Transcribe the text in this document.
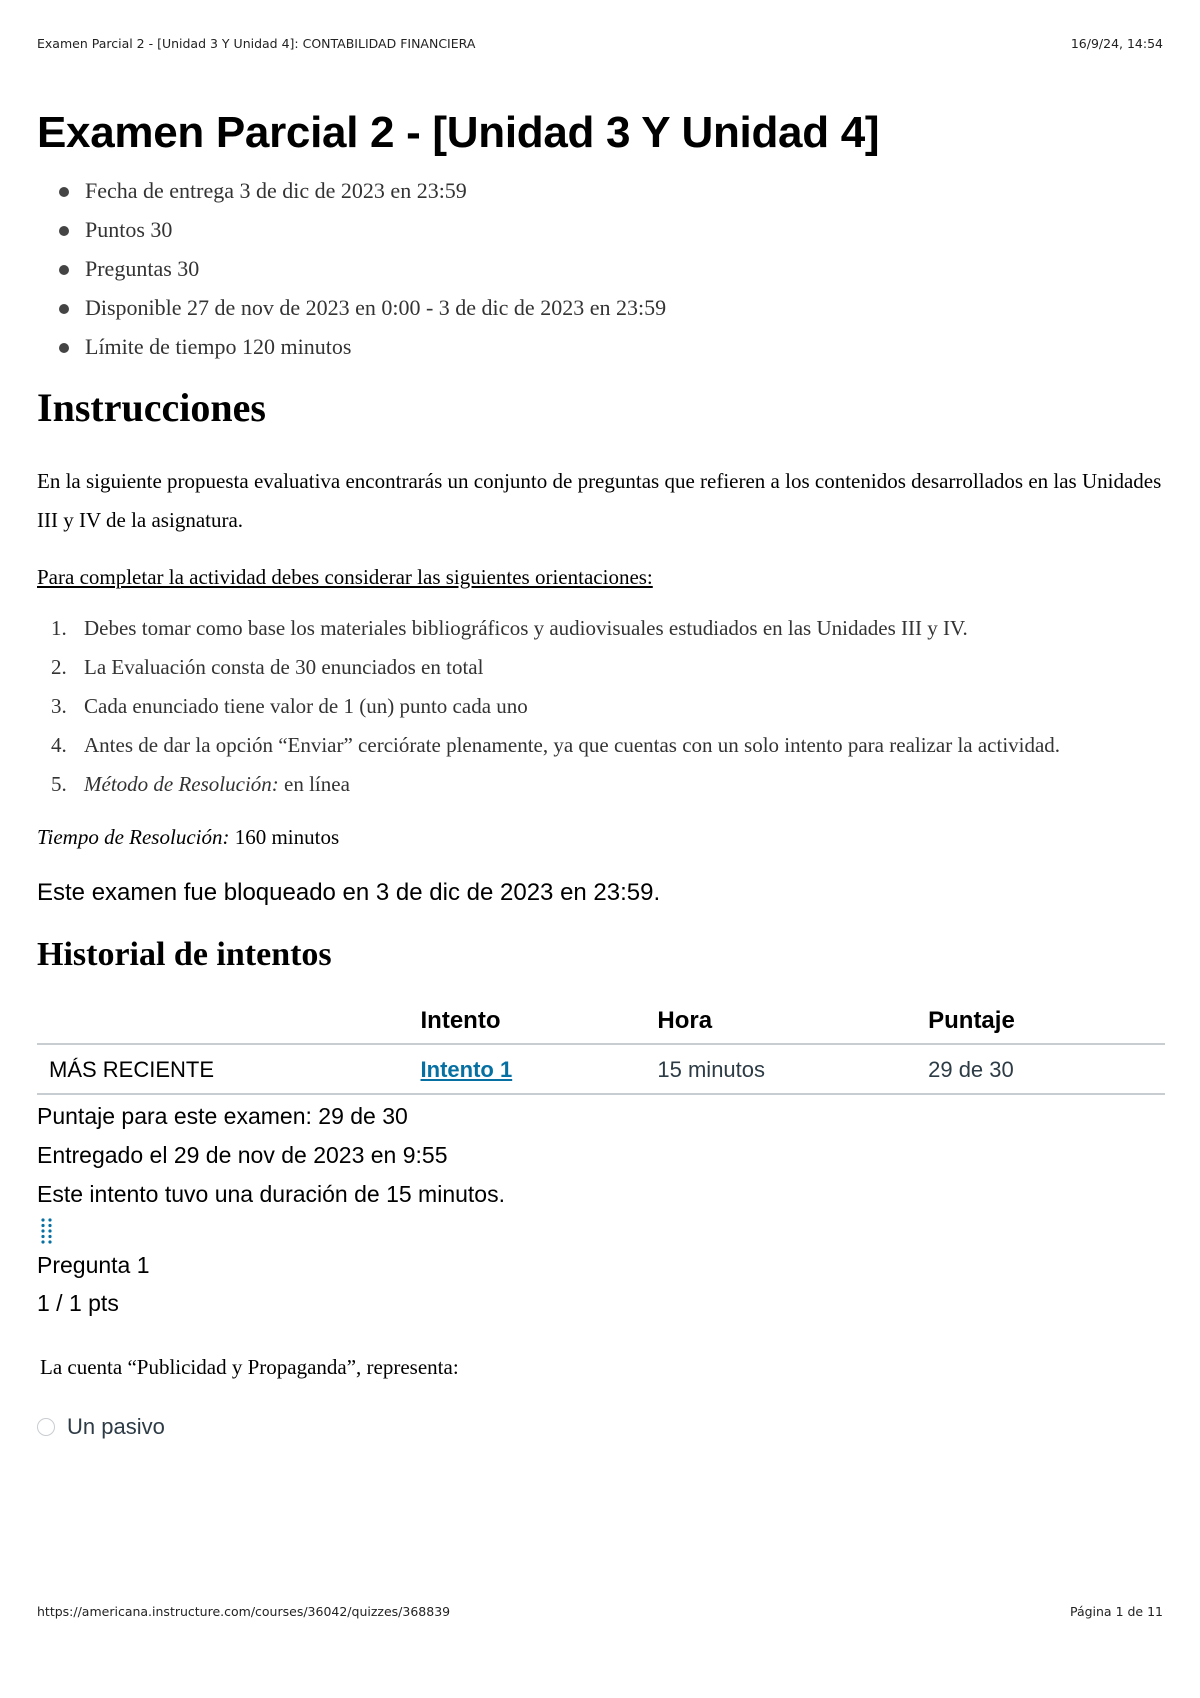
Examen Parcial 2 - [Unidad 3 Y Unidad 4]: CONTABILIDAD FINANCIERA	16/9/24, 14:54
Examen Parcial 2 - [Unidad 3 Y Unidad 4]
Fecha de entrega 3 de dic de 2023 en 23:59
Puntos 30
Preguntas 30
Disponible 27 de nov de 2023 en 0:00 - 3 de dic de 2023 en 23:59
Límite de tiempo 120 minutos
Instrucciones

En la siguiente propuesta evaluativa encontrarás un conjunto de preguntas que refieren a los contenidos desarrollados en las Unidades III y IV de la asignatura.

Para completar la actividad debes considerar las siguientes orientaciones:

1. Debes tomar como base los materiales bibliográficos y audiovisuales estudiados en las Unidades III y IV.
2. La Evaluación consta de 30 enunciados en total
3. Cada enunciado tiene valor de 1 (un) punto cada uno
4. Antes de dar la opción “Enviar” cerciórate plenamente, ya que cuentas con un solo intento para realizar la actividad.
5. Método de Resolución: en línea

Tiempo de Resolución: 160 minutos

Este examen fue bloqueado en 3 de dic de 2023 en 23:59.

Historial de intentos
	Intento	Hora	Puntaje
MÁS RECIENTE	Intento 1	15 minutos	29 de 30

Puntaje para este examen: 29 de 30

Entregado el 29 de nov de 2023 en 9:55

Este intento tuvo una duración de 15 minutos.

Pregunta 1

1 / 1 pts

La cuenta “Publicidad y Propaganda”, representa:

Un pasivo
https://americana.instructure.com/courses/36042/quizzes/368839	Página 1 de 11
